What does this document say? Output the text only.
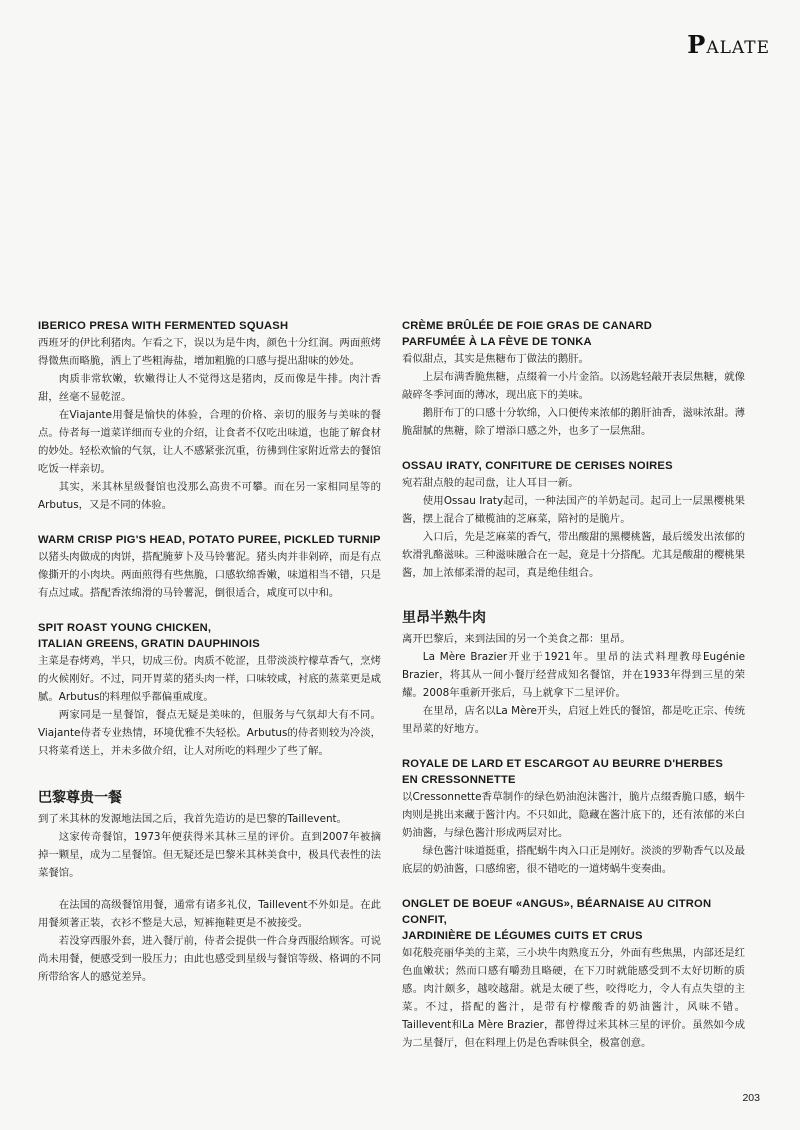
PALATE

IBERICO PRESA WITH FERMENTED SQUASH

西班牙的伊比利猪肉。乍看之下，误以为是牛肉，颜色十分红润。两面煎烤得微焦而略脆，洒上了些粗海盐，增加粗脆的口感与提出甜味的妙处。

肉质非常软嫩，软嫩得让人不觉得这是猪肉，反而像是牛排。肉汁香甜，丝毫不显乾涩。

在Viajante用餐是愉快的体验，合理的价格、亲切的服务与美味的餐点。侍者每一道菜详细而专业的介绍，让食者不仅吃出味道，也能了解食材的妙处。轻松欢愉的气氛，让人不感紧张沉重，彷彿到住家附近常去的餐馆吃饭一样亲切。

其实，米其林星级餐馆也没那么高贵不可攀。而在另一家相同星等的Arbutus，又是不同的体验。

WARM CRISP PIG'S HEAD, POTATO PUREE, PICKLED TURNIP

以猪头肉做成的肉饼，搭配腌萝卜及马铃薯泥。猪头肉并非剁碎，而是有点像撕开的小肉块。两面煎得有些焦脆，口感软绵香嫩，味道相当不错，只是有点过咸。搭配香浓绵滑的马铃薯泥，倒很适合，咸度可以中和。

SPIT ROAST YOUNG CHICKEN,

ITALIAN GREENS, GRATIN DAUPHINOIS

主菜是春烤鸡，半只，切成三份。肉质不乾涩，且带淡淡柠檬草香气，烹烤的火候刚好。不过，同开胃菜的猪头肉一样，口味较咸，衬底的蒸菜更是咸腻。Arbutus的料理似乎都偏重咸度。

两家同是一星餐馆，餐点无疑是美味的，但服务与气氛却大有不同。Viajante侍者专业热情，环境优雅不失轻松。Arbutus的侍者则较为冷淡，只将菜肴送上，并未多做介绍，让人对所吃的料理少了些了解。

巴黎尊贵一餐

到了米其林的发源地法国之后，我首先造访的是巴黎的Taillevent。

这家传奇餐馆，1973年便获得米其林三星的评价。直到2007年被摘掉一颗星，成为二星餐馆。但无疑还是巴黎米其林美食中，极具代表性的法菜餐馆。

在法国的高级餐馆用餐，通常有诸多礼仪，Taillevent不外如是。在此用餐须著正装，衣衫不整是大忌，短裤拖鞋更是不被接受。

若没穿西服外套，进入餐厅前，侍者会提供一件合身西服给顾客。可说尚未用餐，便感受到一股压力；由此也感受到星级与餐馆等级、格调的不同所带给客人的感觉差异。

CRÈME BRÛLÉE DE FOIE GRAS DE CANARD

PARFUMÉE À LA FÈVE DE TONKA

看似甜点，其实是焦糖布丁做法的鹅肝。

上层布满香脆焦糖，点缀着一小片金箔。以汤匙轻敲开表层焦糖，就像敲碎冬季河面的薄冰，现出底下的美味。

鹅肝布丁的口感十分软绵，入口便传来浓郁的鹅肝油香，滋味浓甜。薄脆甜腻的焦糖，除了增添口感之外，也多了一层焦甜。

OSSAU IRATY, CONFITURE DE CERISES NOIRES

宛若甜点般的起司盘，让人耳目一新。

使用Ossau Iraty起司，一种法国产的羊奶起司。起司上一层黑樱桃果酱，摆上混合了橄榄油的芝麻菜，陪衬的是脆片。

入口后，先是芝麻菜的香气，带出酸甜的黑樱桃酱，最后缓发出浓郁的软滑乳酪滋味。三种滋味融合在一起，竟是十分搭配。尤其是酸甜的樱桃果酱，加上浓郁柔滑的起司，真是绝佳组合。

里昂半熟牛肉

离开巴黎后，来到法国的另一个美食之都：里昂。

La Mère Brazier开业于1921年。里昂的法式料理教母Eugénie Brazier，将其从一间小餐厅经营成知名餐馆，并在1933年得到三星的荣耀。2008年重新开张后，马上就拿下二星评价。

在里昂，店名以La Mère开头，启冠上姓氏的餐馆，都是吃正宗、传统里昂菜的好地方。

ROYALE DE LARD ET ESCARGOT AU BEURRE D'HERBES

EN CRESSONNETTE

以Cressonnette香草制作的绿色奶油泡沫酱汁，脆片点缀香脆口感，蜗牛肉则是挑出来藏于酱汁内。不只如此，隐藏在酱汁底下的，还有浓郁的米白奶油酱，与绿色酱汁形成两层对比。

绿色酱汁味道挺重，搭配蜗牛肉入口正是刚好。淡淡的罗勒香气以及最底层的奶油酱，口感绵密，很不错吃的一道烤蜗牛变奏曲。

ONGLET DE BOEUF «ANGUS», BÉARNAISE AU CITRON CONFIT,

JARDINIÈRE DE LÉGUMES CUITS ET CRUS

如花般亮丽华美的主菜，三小块牛肉熟度五分，外面有些焦黑，内部还是红色血嫩状；然而口感有嚼劲且略硬，在下刀时就能感受到不太好切断的质感。肉汁颇多，越咬越甜。就是太硬了些，咬得吃力，令人有点失望的主菜。不过，搭配的酱汁，是带有柠檬酸香的奶油酱汁，风味不错。Taillevent和La Mère Brazier，都曾得过米其林三星的评价。虽然如今成为二星餐厅，但在料理上仍是色香味俱全，极富创意。

203
